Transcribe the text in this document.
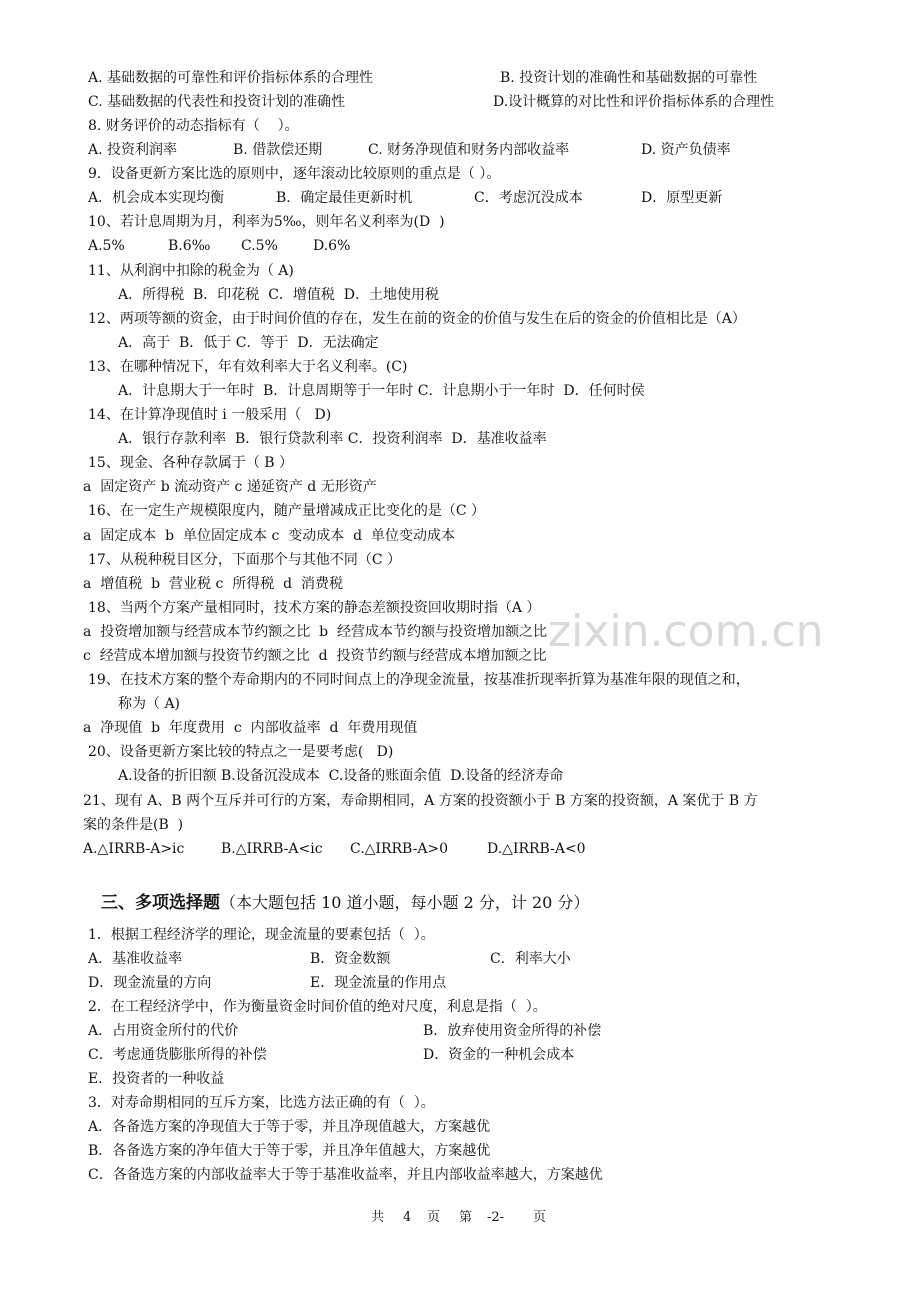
zixin.com.cn
A. 基础数据的可靠性和评价指标体系的合理性	B. 投资计划的准确性和基础数据的可靠性
C. 基础数据的代表性和投资计划的准确性	D.设计概算的对比性和评价指标体系的合理性
8. 财务评价的动态指标有（    ）。
A. 投资利润率	B. 借款偿还期	C. 财务净现值和财务内部收益率	D. 资产负债率
9．设备更新方案比选的原则中，逐年滚动比较原则的重点是（ ）。
A．机会成本实现均衡	B．确定最佳更新时机	C．考虑沉没成本	D．原型更新
10、若计息周期为月，利率为5‰，则年名义利率为(D  )
A.5%	B.6‰ C.5%	D.6%
11、从利润中扣除的税金为（ A)
A．所得税  B．印花税  C．增值税  D．土地使用税
12、两项等额的资金，由于时间价值的存在，发生在前的资金的价值与发生在后的资金的价值相比是（A）
A．高于  B．低于 C．等于  D．无法确定
13、在哪种情况下，年有效利率大于名义利率。(C)
A．计息期大于一年时  B．计息周期等于一年时 C．计息期小于一年时  D．任何时侯
14、在计算净现值时 i 一般采用（   D)
A．银行存款利率  B．银行贷款利率 C．投资利润率  D．基准收益率
15、现金、各种存款属于（ B ）
a  固定资产 b 流动资产 c 递延资产 d 无形资产
16、在一定生产规模限度内，随产量增减成正比变化的是（C ）
a  固定成本  b  单位固定成本 c  变动成本  d  单位变动成本
17、从税种税目区分，下面那个与其他不同（C ）
a  增值税  b  营业税 c  所得税  d  消费税
18、当两个方案产量相同时，技术方案的静态差额投资回收期时指（A ）
a  投资增加额与经营成本节约额之比  b  经营成本节约额与投资增加额之比
c  经营成本增加额与投资节约额之比  d  投资节约额与经营成本增加额之比
19、在技术方案的整个寿命期内的不同时间点上的净现金流量，按基准折现率折算为基准年限的现值之和，
称为（ A)
a  净现值  b  年度费用  c  内部收益率  d  年费用现值
20、设备更新方案比较的特点之一是要考虑(   D)
A.设备的折旧额 B.设备沉没成本  C.设备的账面余值  D.设备的经济寿命
21、现有 A、B 两个互斥并可行的方案，寿命期相同，A 方案的投资额小于 B 方案的投资额，A 案优于 B 方
案的条件是(B  )
A.△IRRB-A>ic	B.△IRRB-A<ic C.△IRRB-A>0	D.△IRRB-A<0
三、多项选择题（本大题包括 10 道小题，每小题 2 分，计 20 分）
1．根据工程经济学的理论，现金流量的要素包括（  ）。
A．基准收益率	B．资金数额	C．利率大小
D．现金流量的方向	E．现金流量的作用点
2．在工程经济学中，作为衡量资金时间价值的绝对尺度，利息是指（  ）。
A．占用资金所付的代价	B．放弃使用资金所得的补偿
C．考虑通货膨胀所得的补偿	D．资金的一种机会成本
E．投资者的一种收益
3．对寿命期相同的互斥方案，比选方法正确的有（  ）。
A．各备选方案的净现值大于等于零，并且净现值越大，方案越优
B．各备选方案的净年值大于等于零，并且净年值越大，方案越优
C．各备选方案的内部收益率大于等于基准收益率，并且内部收益率越大，方案越优
共 4 页 第 -2- 页
